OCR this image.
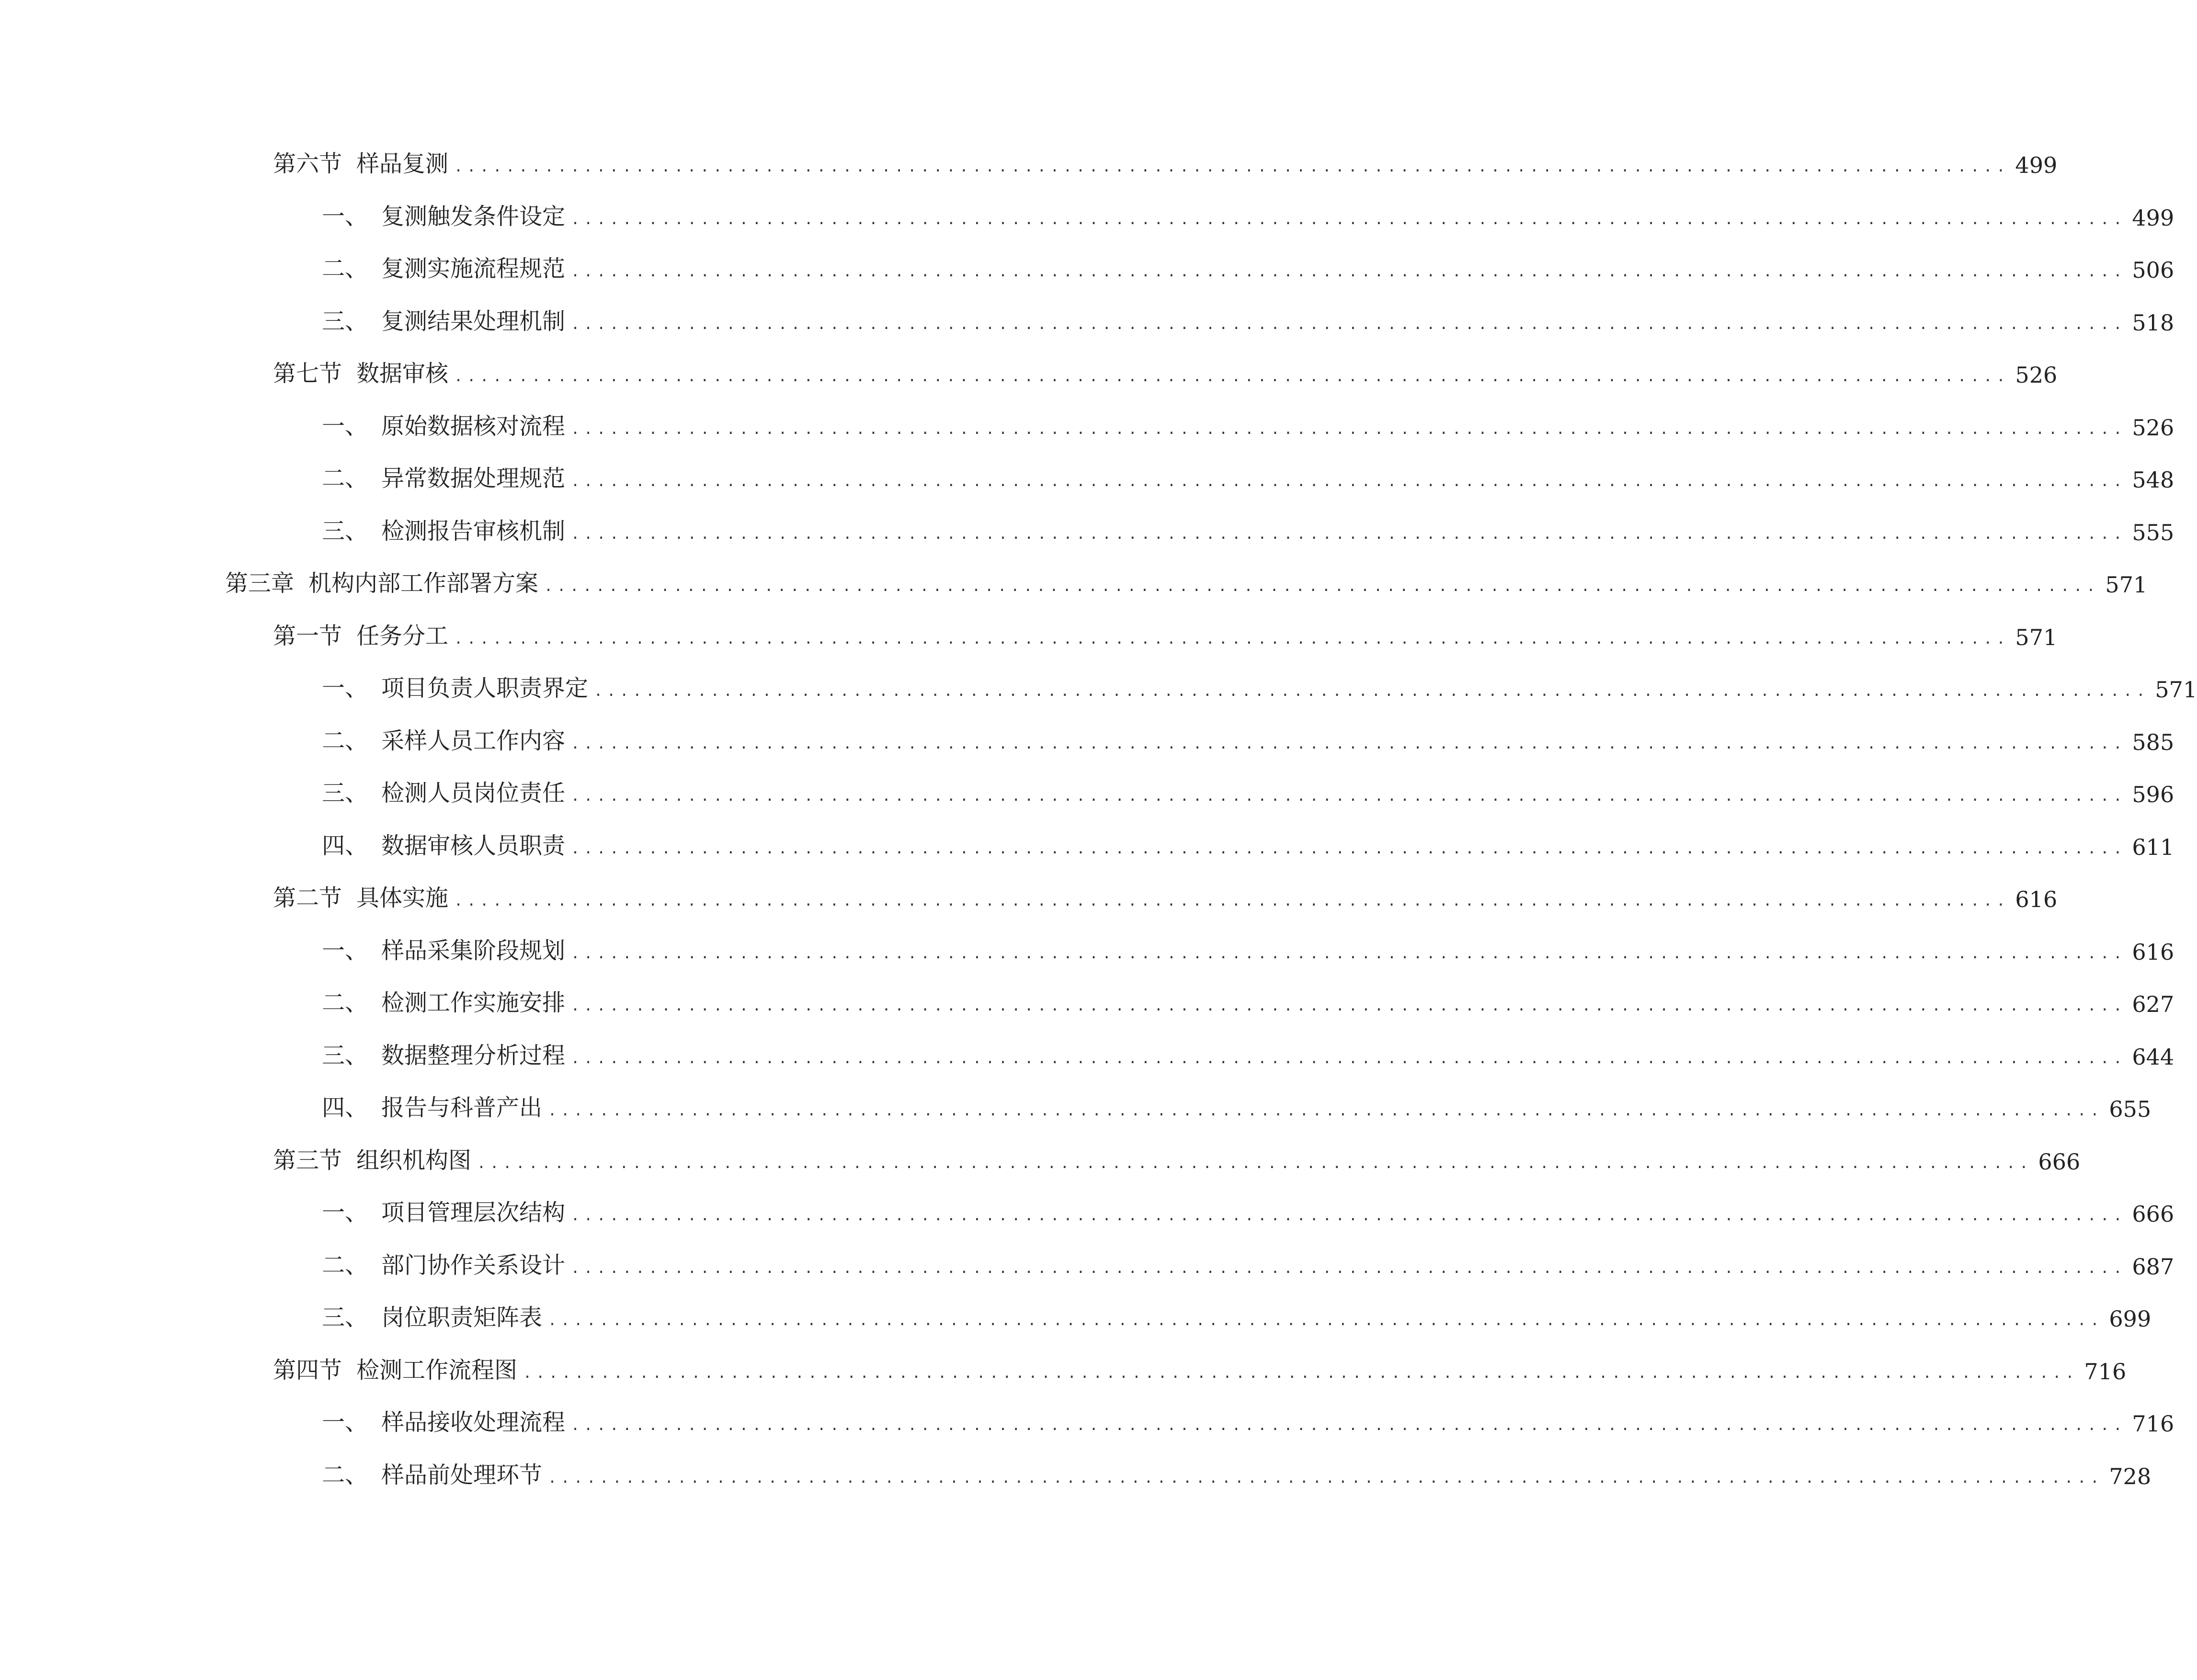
第六节 样品复测 ........................................................................................................................ 499
一、 复测触发条件设定 ........................................................................................................................ 499
二、 复测实施流程规范 ........................................................................................................................ 506
三、 复测结果处理机制 ........................................................................................................................ 518
第七节 数据审核 ........................................................................................................................ 526
一、 原始数据核对流程 ........................................................................................................................ 526
二、 异常数据处理规范 ........................................................................................................................ 548
三、 检测报告审核机制 ........................................................................................................................ 555
第三章 机构内部工作部署方案 ........................................................................................................................ 571
第一节 任务分工 ........................................................................................................................ 571
一、 项目负责人职责界定 ........................................................................................................................ 571
二、 采样人员工作内容 ........................................................................................................................ 585
三、 检测人员岗位责任 ........................................................................................................................ 596
四、 数据审核人员职责 ........................................................................................................................ 611
第二节 具体实施 ........................................................................................................................ 616
一、 样品采集阶段规划 ........................................................................................................................ 616
二、 检测工作实施安排 ........................................................................................................................ 627
三、 数据整理分析过程 ........................................................................................................................ 644
四、 报告与科普产出 ........................................................................................................................ 655
第三节 组织机构图 ........................................................................................................................ 666
一、 项目管理层次结构 ........................................................................................................................ 666
二、 部门协作关系设计 ........................................................................................................................ 687
三、 岗位职责矩阵表 ........................................................................................................................ 699
第四节 检测工作流程图 ........................................................................................................................ 716
一、 样品接收处理流程 ........................................................................................................................ 716
二、 样品前处理环节 ........................................................................................................................ 728
